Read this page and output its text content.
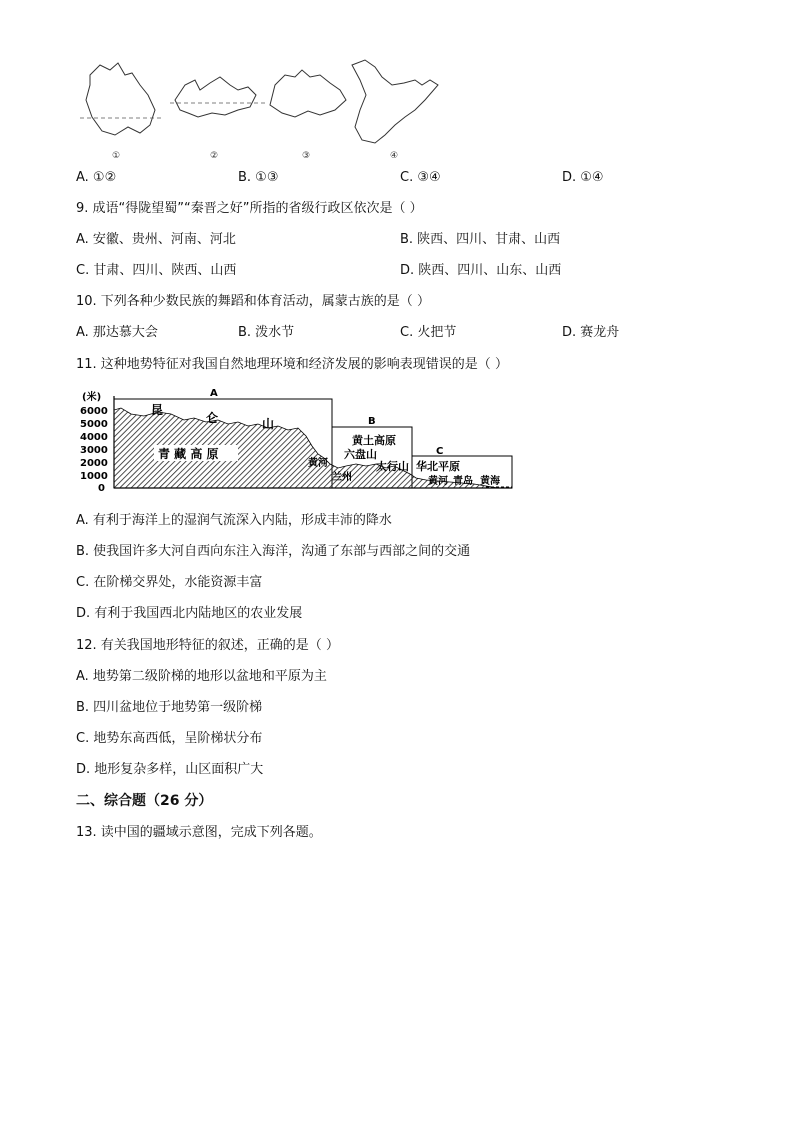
①	②	③	④
A. ①②	B. ①③	C. ③④	D. ①④
9. 成语“得陇望蜀”“秦晋之好”所指的省级行政区依次是（ ）
A. 安徽、贵州、河南、河北	B. 陕西、四川、甘肃、山西
C. 甘肃、四川、陕西、山西	D. 陕西、四川、山东、山西
10. 下列各种少数民族的舞蹈和体育活动，属蒙古族的是（ ）
A. 那达慕大会	B. 泼水节	C. 火把节	D. 赛龙舟
11. 这种地势特征对我国自然地理环境和经济发展的影响表现错误的是（ ）
(米)
6000
5000
4000
3000
2000
1000
0
A
B
C
昆
仑	山
青 藏 高 原
黄土高原
六盘山
黄河
兰州
太行山 华北平原
黄河 青岛 黄海
A. 有利于海洋上的湿润气流深入内陆，形成丰沛的降水
B. 使我国许多大河自西向东注入海洋，沟通了东部与西部之间的交通
C. 在阶梯交界处，水能资源丰富
D. 有利于我国西北内陆地区的农业发展
12. 有关我国地形特征的叙述，正确的是（ ）
A. 地势第二级阶梯的地形以盆地和平原为主
B. 四川盆地位于地势第一级阶梯
C. 地势东高西低，呈阶梯状分布
D. 地形复杂多样，山区面积广大
二、综合题（26 分）
13. 读中国的疆域示意图，完成下列各题。
